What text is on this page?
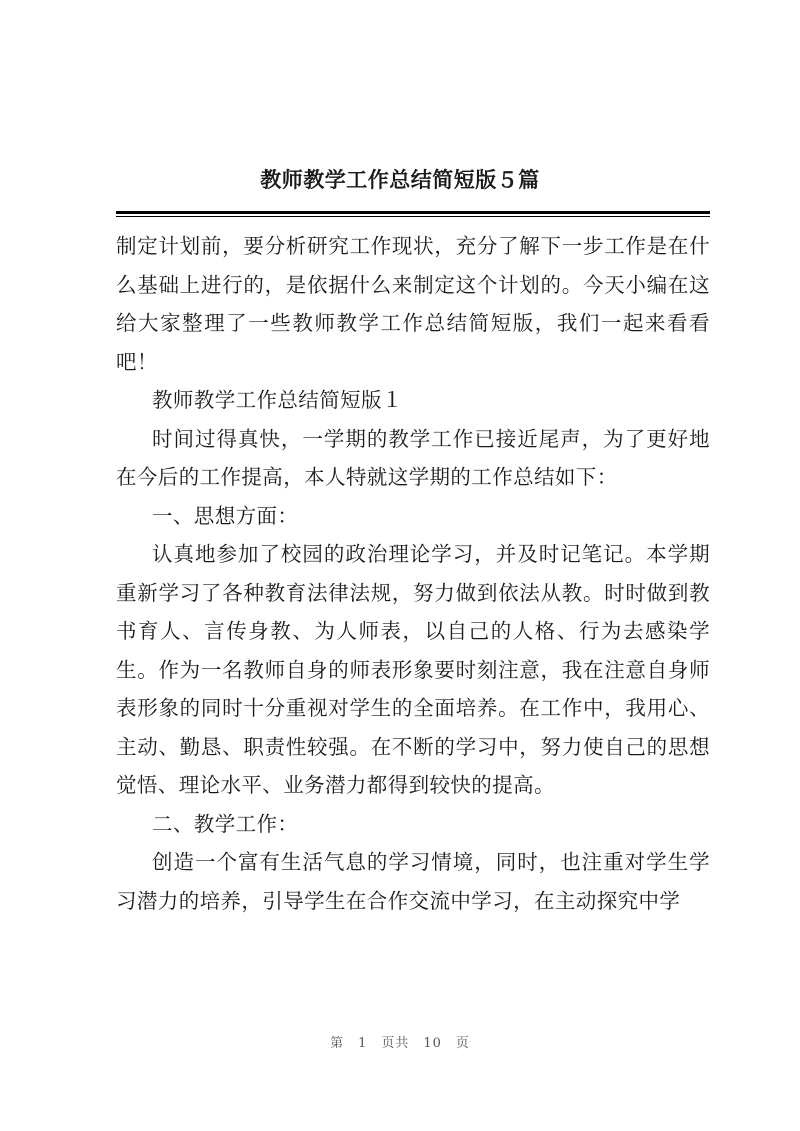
教师教学工作总结简短版５篇

制定计划前，要分析研究工作现状，充分了解下一步工作是在什么基础上进行的，是依据什么来制定这个计划的。今天小编在这给大家整理了一些教师教学工作总结简短版，我们一起来看看吧！

教师教学工作总结简短版１

时间过得真快，一学期的教学工作已接近尾声，为了更好地在今后的工作提高，本人特就这学期的工作总结如下：

一、思想方面：

认真地参加了校园的政治理论学习，并及时记笔记。本学期重新学习了各种教育法律法规，努力做到依法从教。时时做到教书育人、言传身教、为人师表，以自己的人格、行为去感染学生。作为一名教师自身的师表形象要时刻注意，我在注意自身师表形象的同时十分重视对学生的全面培养。在工作中，我用心、主动、勤恳、职责性较强。在不断的学习中，努力使自己的思想觉悟、理论水平、业务潜力都得到较快的提高。

二、教学工作：

创造一个富有生活气息的学习情境，同时，也注重对学生学习潜力的培养，引导学生在合作交流中学习，在主动探究中学

第　1　页共　10　页
